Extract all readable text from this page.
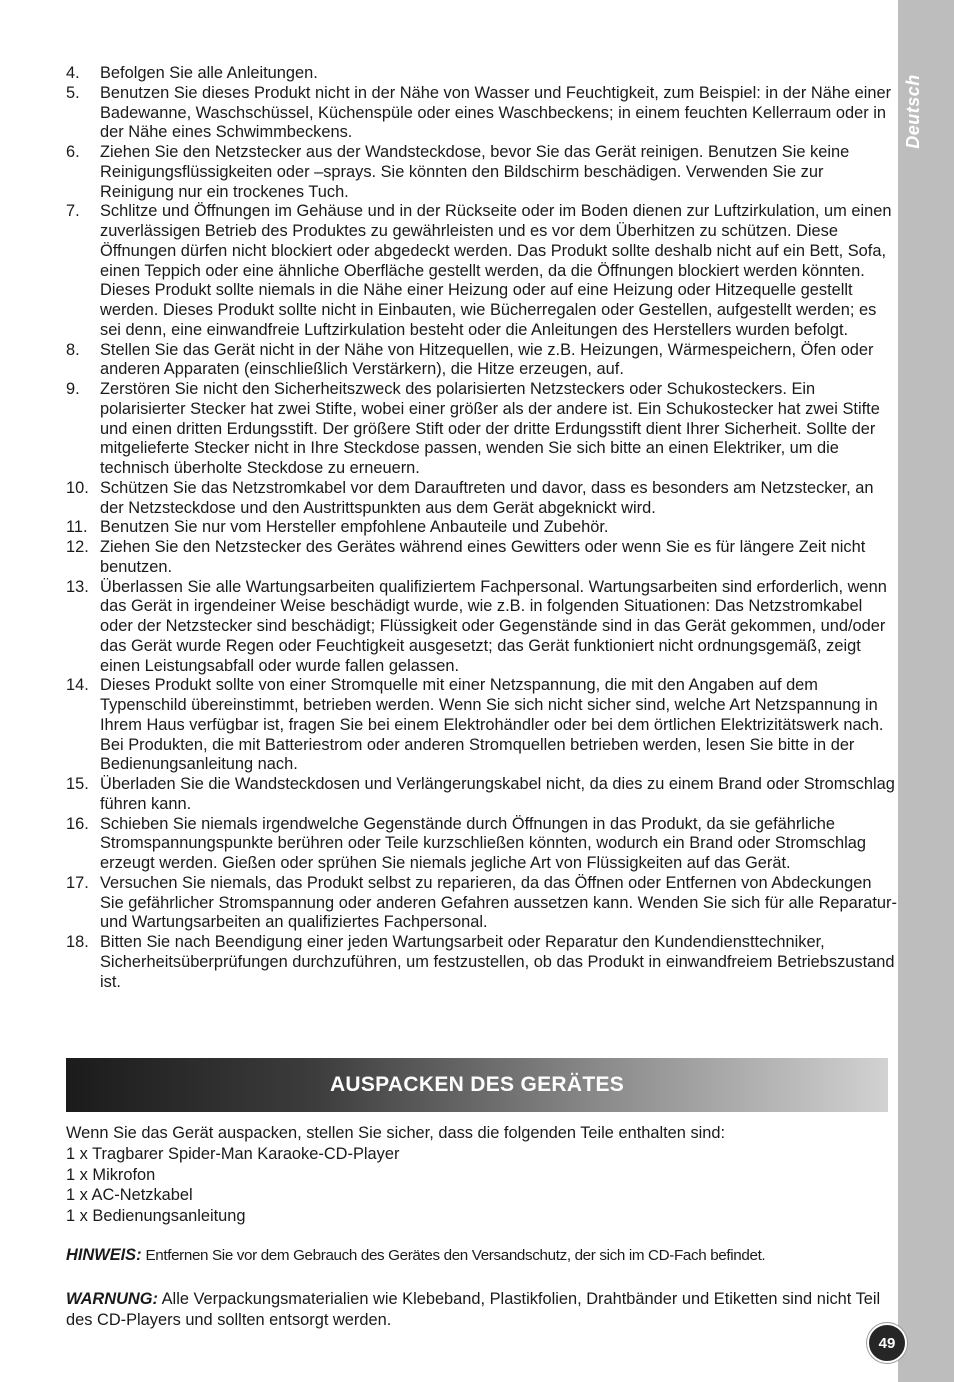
Deutsch
4.	Befolgen Sie alle Anleitungen.
5.	Benutzen Sie dieses Produkt nicht in der Nähe von Wasser und Feuchtigkeit, zum Beispiel: in der Nähe einer Badewanne, Waschschüssel, Küchenspüle oder eines Waschbeckens; in einem feuchten Kellerraum oder in der Nähe eines Schwimmbeckens.
6.	Ziehen Sie den Netzstecker aus der Wandsteckdose, bevor Sie das Gerät reinigen. Benutzen Sie keine Reinigungsflüssigkeiten oder –sprays. Sie könnten den Bildschirm beschädigen. Verwenden Sie zur Reinigung nur ein trockenes Tuch.
7.	Schlitze und Öffnungen im Gehäuse und in der Rückseite oder im Boden dienen zur Luftzirkulation, um einen zuverlässigen Betrieb des Produktes zu gewährleisten und es vor dem Überhitzen zu schützen. Diese Öffnungen dürfen nicht blockiert oder abgedeckt werden. Das Produkt sollte deshalb nicht auf ein Bett, Sofa, einen Teppich oder eine ähnliche Oberfläche gestellt werden, da die Öffnungen blockiert werden könnten. Dieses Produkt sollte niemals in die Nähe einer Heizung oder auf eine Heizung oder Hitzequelle gestellt werden. Dieses Produkt sollte nicht in Einbauten, wie Bücherregalen oder Gestellen, aufgestellt werden; es sei denn, eine einwandfreie Luftzirkulation besteht oder die Anleitungen des Herstellers wurden befolgt.
8.	Stellen Sie das Gerät nicht in der Nähe von Hitzequellen, wie z.B. Heizungen, Wärmespeichern, Öfen oder anderen Apparaten (einschließlich Verstärkern), die Hitze erzeugen, auf.
9.	Zerstören Sie nicht den Sicherheitszweck des polarisierten Netzsteckers oder Schukosteckers. Ein polarisierter Stecker hat zwei Stifte, wobei einer größer als der andere ist. Ein Schukostecker hat zwei Stifte und einen dritten Erdungsstift. Der größere Stift oder der dritte Erdungsstift dient Ihrer Sicherheit. Sollte der mitgelieferte Stecker nicht in Ihre Steckdose passen, wenden Sie sich bitte an einen Elektriker, um die technisch überholte Steckdose zu erneuern.
10. Schützen Sie das Netzstromkabel vor dem Darauftreten und davor, dass es besonders am Netzstecker, an der Netzsteckdose und den Austrittspunkten aus dem Gerät abgeknickt wird.
11. Benutzen Sie nur vom Hersteller empfohlene Anbauteile und Zubehör.
12. Ziehen Sie den Netzstecker des Gerätes während eines Gewitters oder wenn Sie es für längere Zeit nicht benutzen.
13. Überlassen Sie alle Wartungsarbeiten qualifiziertem Fachpersonal. Wartungsarbeiten sind erforderlich, wenn das Gerät in irgendeiner Weise beschädigt wurde, wie z.B. in folgenden Situationen: Das Netzstromkabel oder der Netzstecker sind beschädigt; Flüssigkeit oder Gegenstände sind in das Gerät gekommen, und/oder das Gerät wurde Regen oder Feuchtigkeit ausgesetzt; das Gerät funktioniert nicht ordnungsgemäß, zeigt einen Leistungsabfall oder wurde fallen gelassen.
14. Dieses Produkt sollte von einer Stromquelle mit einer Netzspannung, die mit den Angaben auf dem Typenschild übereinstimmt, betrieben werden. Wenn Sie sich nicht sicher sind, welche Art Netzspannung in Ihrem Haus verfügbar ist, fragen Sie bei einem Elektrohändler oder bei dem örtlichen Elektrizitätswerk nach. Bei Produkten, die mit Batteriestrom oder anderen Stromquellen betrieben werden, lesen Sie bitte in der Bedienungsanleitung nach.
15. Überladen Sie die Wandsteckdosen und Verlängerungskabel nicht, da dies zu einem Brand oder Stromschlag führen kann.
16. Schieben Sie niemals irgendwelche Gegenstände durch Öffnungen in das Produkt, da sie gefährliche Stromspannungspunkte berühren oder Teile kurzschließen könnten, wodurch ein Brand oder Stromschlag erzeugt werden. Gießen oder sprühen Sie niemals jegliche Art von Flüssigkeiten auf das Gerät.
17. Versuchen Sie niemals, das Produkt selbst zu reparieren, da das Öffnen oder Entfernen von Abdeckungen Sie gefährlicher Stromspannung oder anderen Gefahren aussetzen kann. Wenden Sie sich für alle Reparatur- und Wartungsarbeiten an qualifiziertes Fachpersonal.
18. Bitten Sie nach Beendigung einer jeden Wartungsarbeit oder Reparatur den Kundendiensttechniker, Sicherheitsüberprüfungen durchzuführen, um festzustellen, ob das Produkt in einwandfreiem Betriebszustand ist.
AUSPACKEN DES GERÄTES

Wenn Sie das Gerät auspacken, stellen Sie sicher, dass die folgenden Teile enthalten sind:

1 x Tragbarer Spider-Man Karaoke-CD-Player

1 x Mikrofon

1 x AC-Netzkabel

1 x Bedienungsanleitung

HINWEIS: Entfernen Sie vor dem Gebrauch des Gerätes den Versandschutz, der sich im CD-Fach befindet.

WARNUNG: Alle Verpackungsmaterialien wie Klebeband, Plastikfolien, Drahtbänder und Etiketten sind nicht Teil des CD-Players und sollten entsorgt werden.

49
